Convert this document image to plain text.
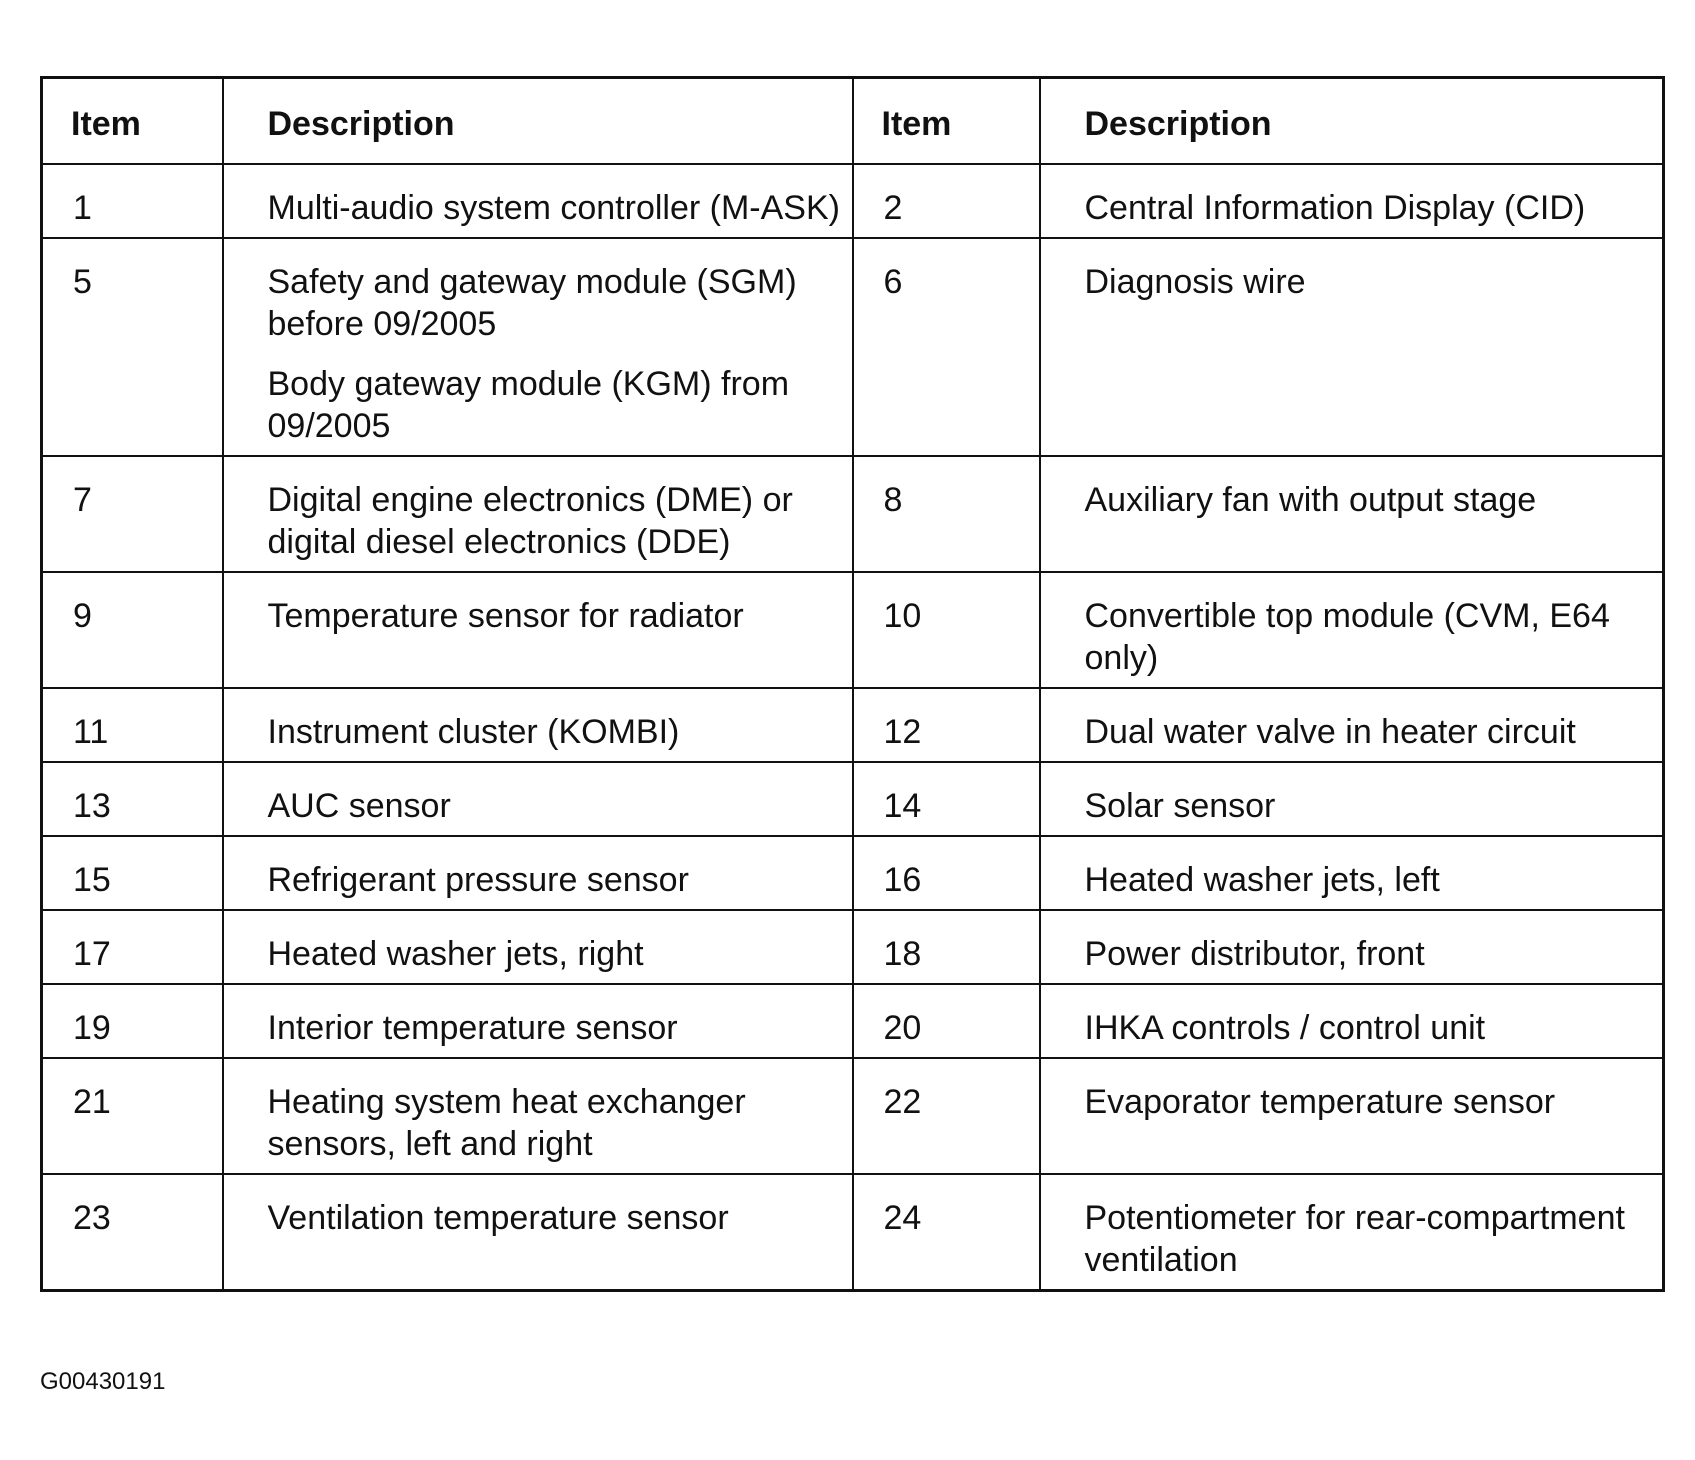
Item	Description	Item	Description
1	Multi-audio system controller (M-ASK)	2	Central Information Display (CID)

5	Safety and gateway module (SGM) before 09/2005
Body gateway module (KGM) from 09/2005	6	Diagnosis wire

7	Digital engine electronics (DME) or digital diesel electronics (DDE)	8	Auxiliary fan with output stage

9	Temperature sensor for radiator	10	Convertible top module (CVM, E64 only)

11	Instrument cluster (KOMBI)	12	Dual water valve in heater circuit

13	AUC sensor	14	Solar sensor

15	Refrigerant pressure sensor	16	Heated washer jets, left

17	Heated washer jets, right	18	Power distributor, front

19	Interior temperature sensor	20	IHKA controls / control unit

21	Heating system heat exchanger sensors, left and right	22	Evaporator temperature sensor

23	Ventilation temperature sensor	24	Potentiometer for rear-compartment ventilation
G00430191
